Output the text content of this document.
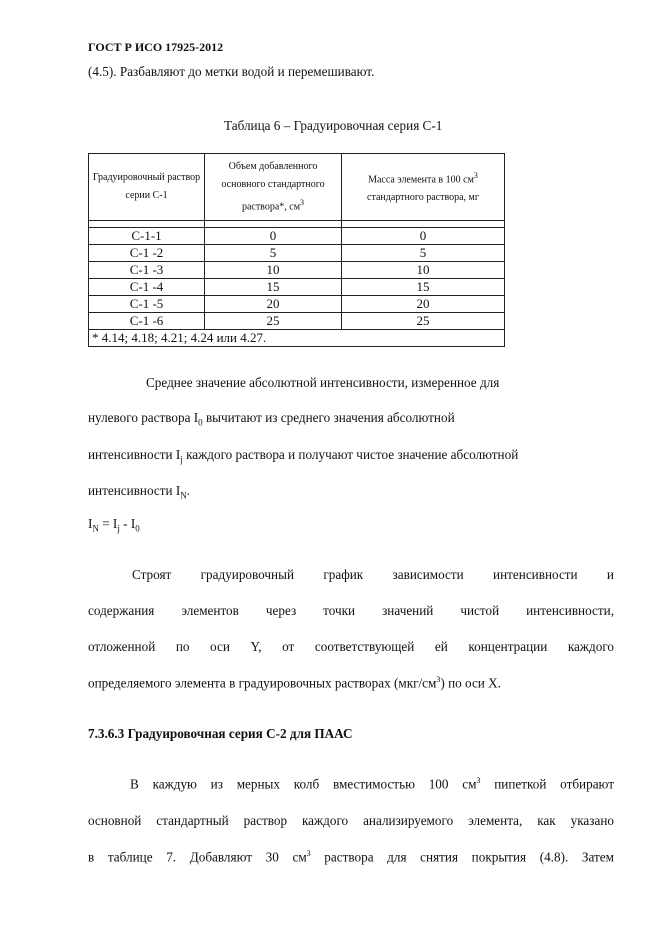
ГОСТ Р ИСО 17925-2012
(4.5). Разбавляют до метки водой и перемешивают.
Таблица 6 – Градуировочная серия С-1
Градуировочный раствор серии С-1	Объем добавленного основного стандартного раствора*, $см^3$	Масса элемента в 100 $см^3$
стандартного раствора, мг

С-1-1	0	0
С-1 -2	5	5
С-1 -3	10	10
С-1 -4	15	15
С-1 -5	20	20
С-1 -6	25	25
* 4.14; 4.18; 4.21; 4.24 или 4.27.		
Среднее значение абсолютной интенсивности, измеренное для
нулевого раствора $I_0$ вычитают из среднего значения абсолютной
интенсивности $I_j$ каждого раствора и получают чистое значение абсолютной
интенсивности $I_N$.
$I_N = I_j - I_0$
Строят градуировочный график зависимости интенсивности и
содержания элементов через точки значений чистой интенсивности,
отложенной по оси Y, от соответствующей ей концентрации каждого
определяемого элемента в градуировочных растворах $(мкг/см^3)$ по оси X.
7.3.6.3 Градуировочная серия С-2 для ПААС
В каждую из мерных колб вместимостью 100 $см^3$ пипеткой отбирают
основной стандартный раствор каждого анализируемого элемента, как указано
в таблице 7. Добавляют 30 $см^3$ раствора для снятия покрытия (4.8). Затем
